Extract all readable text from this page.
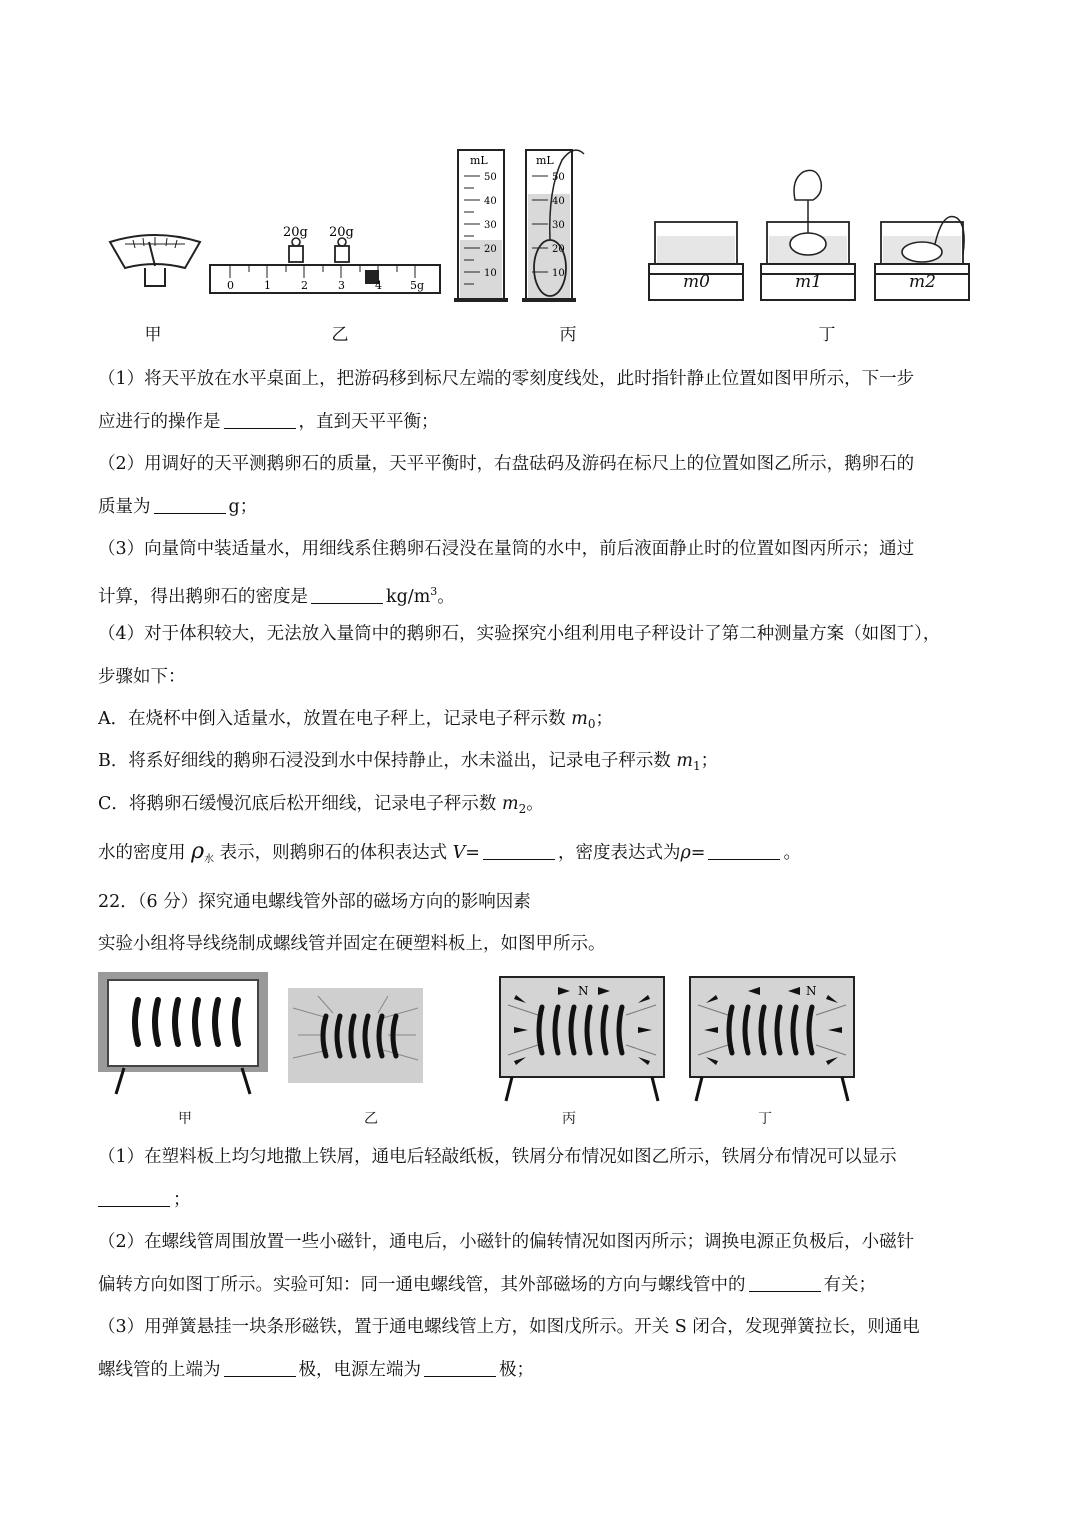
20g 20g
0	1	2	3	4	5g
mL
50
40
30
20
10
mL
50
40
30
20
10	m0	m1	m2
甲	乙	丙	丁
（1）将天平放在水平桌面上，把游码移到标尺左端的零刻度线处，此时指针静止位置如图甲所示，下一步
应进行的操作是	，直到天平平衡；
（2）用调好的天平测鹅卵石的质量，天平平衡时，右盘砝码及游码在标尺上的位置如图乙所示，鹅卵石的
质量为	g；
（3）向量筒中装适量水，用细线系住鹅卵石浸没在量筒的水中，前后液面静止时的位置如图丙所示；通过
计算，得出鹅卵石的密度是	$kg/m^3$。
（4）对于体积较大，无法放入量筒中的鹅卵石，实验探究小组利用电子秤设计了第二种测量方案（如图丁），
步骤如下：
A．在烧杯中倒入适量水，放置在电子秤上，记录电子秤示数 $m_0$；
B．将系好细线的鹅卵石浸没到水中保持静止，水未溢出，记录电子秤示数 $m_1$；
C．将鹅卵石缓慢沉底后松开细线，记录电子秤示数 $m_2$。
水的密度用 $\rho_水$ 表示，则鹅卵石的体积表达式 V=	，密度表达式为ρ=	。
22．（6 分）探究通电螺线管外部的磁场方向的影响因素
实验小组将导线绕制成螺线管并固定在硬塑料板上，如图甲所示。
N	N
甲	乙	丙	丁
（1）在塑料板上均匀地撒上铁屑，通电后轻敲纸板，铁屑分布情况如图乙所示，铁屑分布情况可以显示
；
（2）在螺线管周围放置一些小磁针，通电后，小磁针的偏转情况如图丙所示；调换电源正负极后，小磁针
偏转方向如图丁所示。实验可知：同一通电螺线管，其外部磁场的方向与螺线管中的	有关；
（3）用弹簧悬挂一块条形磁铁，置于通电螺线管上方，如图戊所示。开关 S 闭合，发现弹簧拉长，则通电
螺线管的上端为	极，电源左端为	极；
